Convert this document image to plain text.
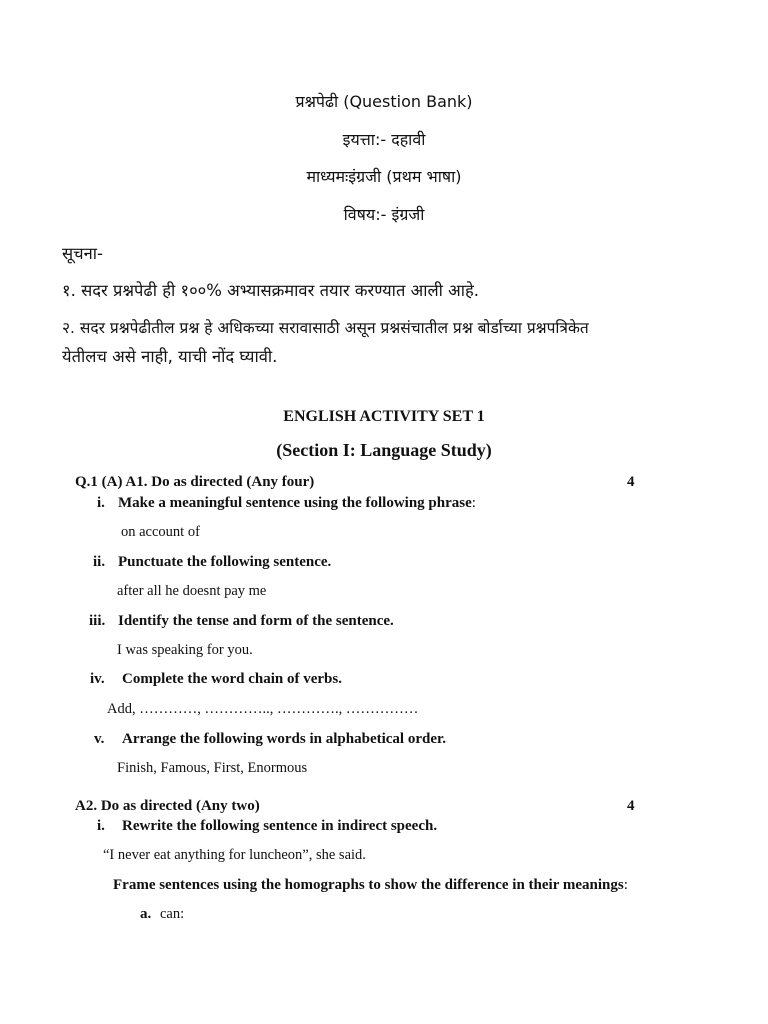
प्रश्नपेढी (Question Bank)
इयत्ता:- दहावी
माध्यमःइंग्रजी (प्रथम भाषा)
विषय:- इंग्रजी
सूचना-
१. सदर प्रश्नपेढी ही १००% अभ्यासक्रमावर तयार करण्यात आली आहे.
२. सदर प्रश्नपेढीतील प्रश्न हे अधिकच्या सरावासाठी असून प्रश्नसंचातील प्रश्न बोर्डाच्या प्रश्नपत्रिकेत
येतीलच असे नाही, याची नोंद घ्यावी.
ENGLISH ACTIVITY SET 1
(Section I: Language Study)
Q.1 (A) A1. Do as directed (Any four)	4
i. Make a meaningful sentence using the following phrase:
on account of
ii. Punctuate the following sentence.
after all he doesnt pay me
iii. Identify the tense and form of the sentence.
I was speaking for you.
iv. Complete the word chain of verbs.
Add, …………, ………….., …………., ……………
v. Arrange the following words in alphabetical order.
Finish, Famous, First, Enormous
A2. Do as directed (Any two)	4
i. Rewrite the following sentence in indirect speech.
“I never eat anything for luncheon”, she said.
Frame sentences using the homographs to show the difference in their meanings:
a. can:
